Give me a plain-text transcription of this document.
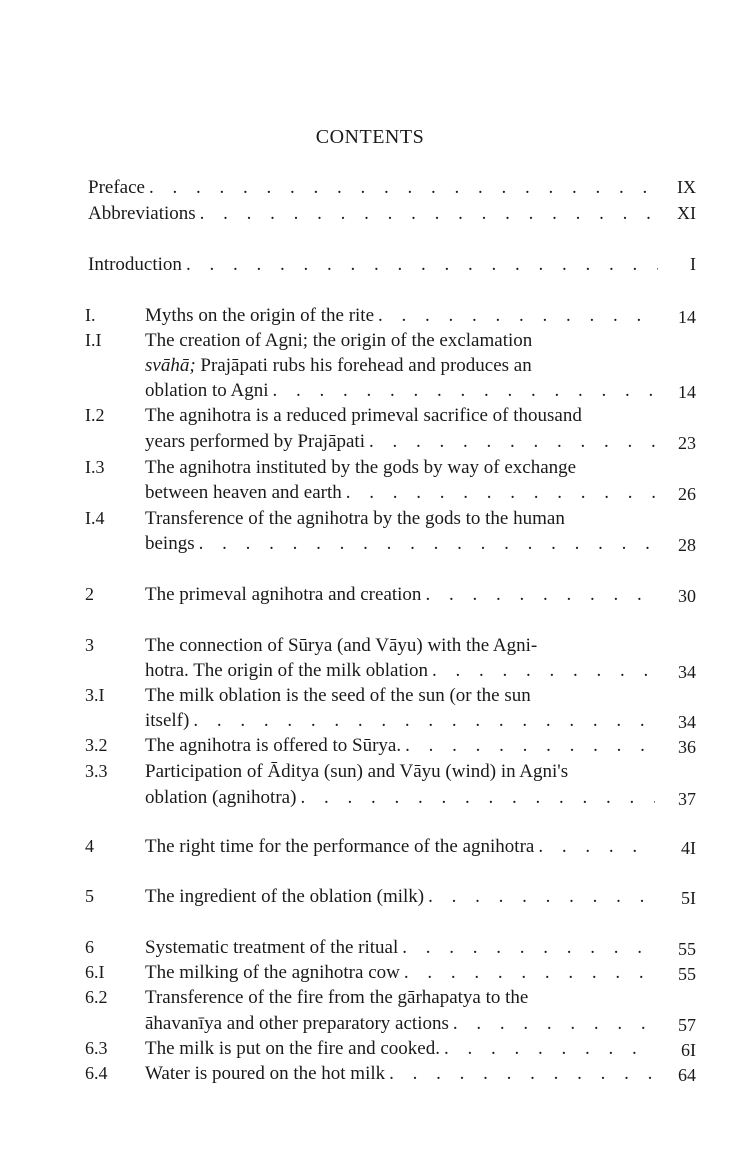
CONTENTS
Preface . . .	IX
Abbreviations . . .	XI
Introduction . . .	I
I.	Myths on the origin of the rite . . .	14
I.I	The creation of Agni; the origin of the exclamation
svāhā; Prajāpati rubs his forehead and produces an
oblation to Agni . . .	14
I.2	The agnihotra is a reduced primeval sacrifice of thousand
years performed by Prajāpati . . .	23
I.3	The agnihotra instituted by the gods by way of exchange
between heaven and earth . . .	26
I.4	Transference of the agnihotra by the gods to the human
beings . . .	28
2	The primeval agnihotra and creation . . .	30
3	The connection of Sūrya (and Vāyu) with the Agni-
hotra. The origin of the milk oblation . . .	34
3.I	The milk oblation is the seed of the sun (or the sun
itself) . . .	34
3.2	The agnihotra is offered to Sūrya. . . .	36
3.3	Participation of Āditya (sun) and Vāyu (wind) in Agni's
oblation (agnihotra) . . .	37
4	The right time for the performance of the agnihotra . . .	4I
5	The ingredient of the oblation (milk) . . .	5I
6	Systematic treatment of the ritual . . .	55
6.I	The milking of the agnihotra cow . . .	55
6.2	Transference of the fire from the gārhapatya to the
āhavanīya and other preparatory actions . . .	57
6.3	The milk is put on the fire and cooked. . . .	6I
6.4	Water is poured on the hot milk . . .	64
